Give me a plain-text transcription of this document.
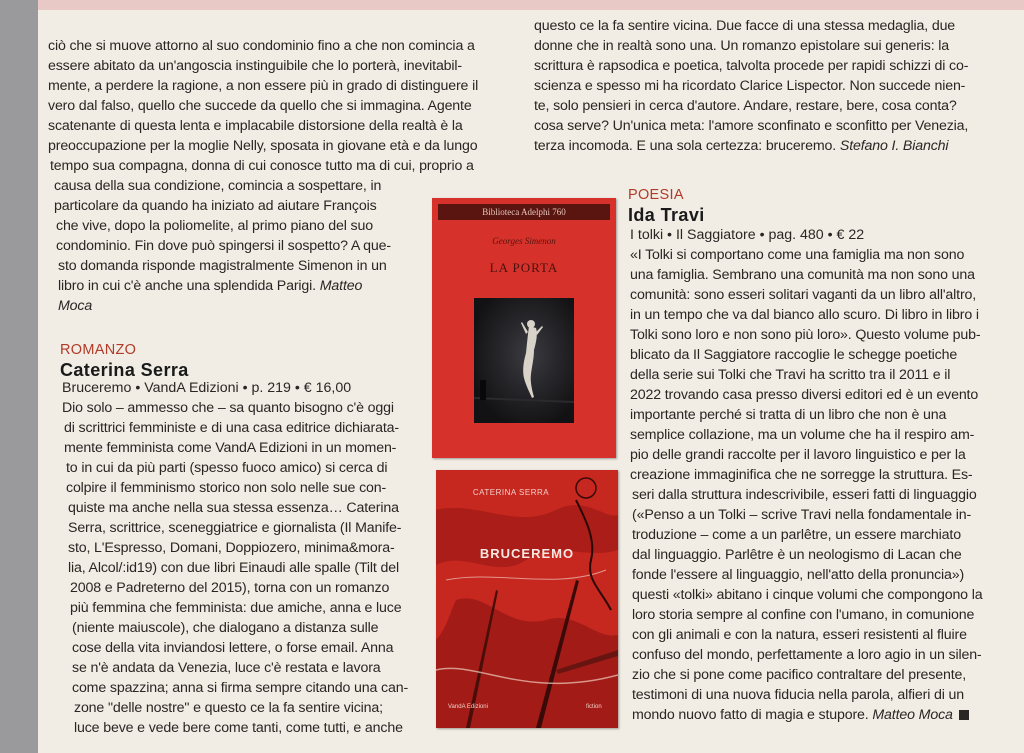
ciò che si muove attorno al suo condominio fino a che non comincia a
essere abitato da un'angoscia instinguibile che lo porterà, inevitabil-
mente, a perdere la ragione, a non essere più in grado di distinguere il
vero dal falso, quello che succede da quello che si immagina. Agente
scatenante di questa lenta e implacabile distorsione della realtà è la
preoccupazione per la moglie Nelly, sposata in giovane età e da lungo
tempo sua compagna, donna di cui conosce tutto ma di cui, proprio a
causa della sua condizione, comincia a sospettare, in
particolare da quando ha iniziato ad aiutare François
che vive, dopo la poliomelite, al primo piano del suo
condominio. Fin dove può spingersi il sospetto? A que-
sto domanda risponde magistralmente Simenon in un
libro in cui c'è anche una splendida Parigi. Matteo
Moca
ROMANZO
Caterina Serra
Bruceremo • VandA Edizioni • p. 219 • € 16,00
Dio solo – ammesso che – sa quanto bisogno c'è oggi
di scrittrici femministe e di una casa editrice dichiarata-
mente femminista come VandA Edizioni in un momen-
to in cui da più parti (spesso fuoco amico) si cerca di
colpire il femminismo storico non solo nelle sue con-
quiste ma anche nella sua stessa essenza… Caterina
Serra, scrittrice, sceneggiatrice e giornalista (Il Manife-
sto, L'Espresso, Domani, Doppiozero, minima&mora-
lia, Alcol/:id19) con due libri Einaudi alle spalle (Tilt del
2008 e Padreterno del 2015), torna con un romanzo
più femmina che femminista: due amiche, anna e luce
(niente maiuscole), che dialogano a distanza sulle
cose della vita inviandosi lettere, o forse email. Anna
se n'è andata da Venezia, luce c'è restata e lavora
come spazzina; anna si firma sempre citando una can-
zone "delle nostre" e questo ce la fa sentire vicina;
luce beve e vede bere come tanti, come tutti, e anche
questo ce la fa sentire vicina. Due facce di una stessa medaglia, due
donne che in realtà sono una. Un romanzo epistolare sui generis: la
scrittura è rapsodica e poetica, talvolta procede per rapidi schizzi di co-
scienza e spesso mi ha ricordato Clarice Lispector. Non succede nien-
te, solo pensieri in cerca d'autore. Andare, restare, bere, cosa conta?
cosa serve? Un'unica meta: l'amore sconfinato e sconfitto per Venezia,
terza incomoda. E una sola certezza: bruceremo. Stefano I. Bianchi
POESIA
Ida Travi
I tolki • Il Saggiatore • pag. 480 • € 22
«I Tolki si comportano come una famiglia ma non sono
una famiglia. Sembrano una comunità ma non sono una
comunità: sono esseri solitari vaganti da un libro all'altro,
in un tempo che va dal bianco allo scuro. Di libro in libro i
Tolki sono loro e non sono più loro». Questo volume pub-
blicato da Il Saggiatore raccoglie le schegge poetiche
della serie sui Tolki che Travi ha scritto tra il 2011 e il
2022 trovando casa presso diversi editori ed è un evento
importante perché si tratta di un libro che non è una
semplice collazione, ma un volume che ha il respiro am-
pio delle grandi raccolte per il lavoro linguistico e per la
creazione immaginifica che ne sorregge la struttura. Es-
seri dalla struttura indescrivibile, esseri fatti di linguaggio
(«Penso a un Tolki – scrive Travi nella fondamentale in-
troduzione – come a un parlêtre, un essere marchiato
dal linguaggio. Parlêtre è un neologismo di Lacan che
fonde l'essere al linguaggio, nell'atto della pronuncia»)
questi «tolki» abitano i cinque volumi che compongono la
loro storia sempre al confine con l'umano, in comunione
con gli animali e con la natura, esseri resistenti al fluire
confuso del mondo, perfettamente a loro agio in un silen-
zio che si pone come pacifico contraltare del presente,
testimoni di una nuova fiducia nella parola, alfieri di un
mondo nuovo fatto di magia e stupore. Matteo Moca
Biblioteca Adelphi 760
Georges Simenon
LA PORTA
CATERINA SERRA
BRUCEREMO
VandA Edizioni	fiction
